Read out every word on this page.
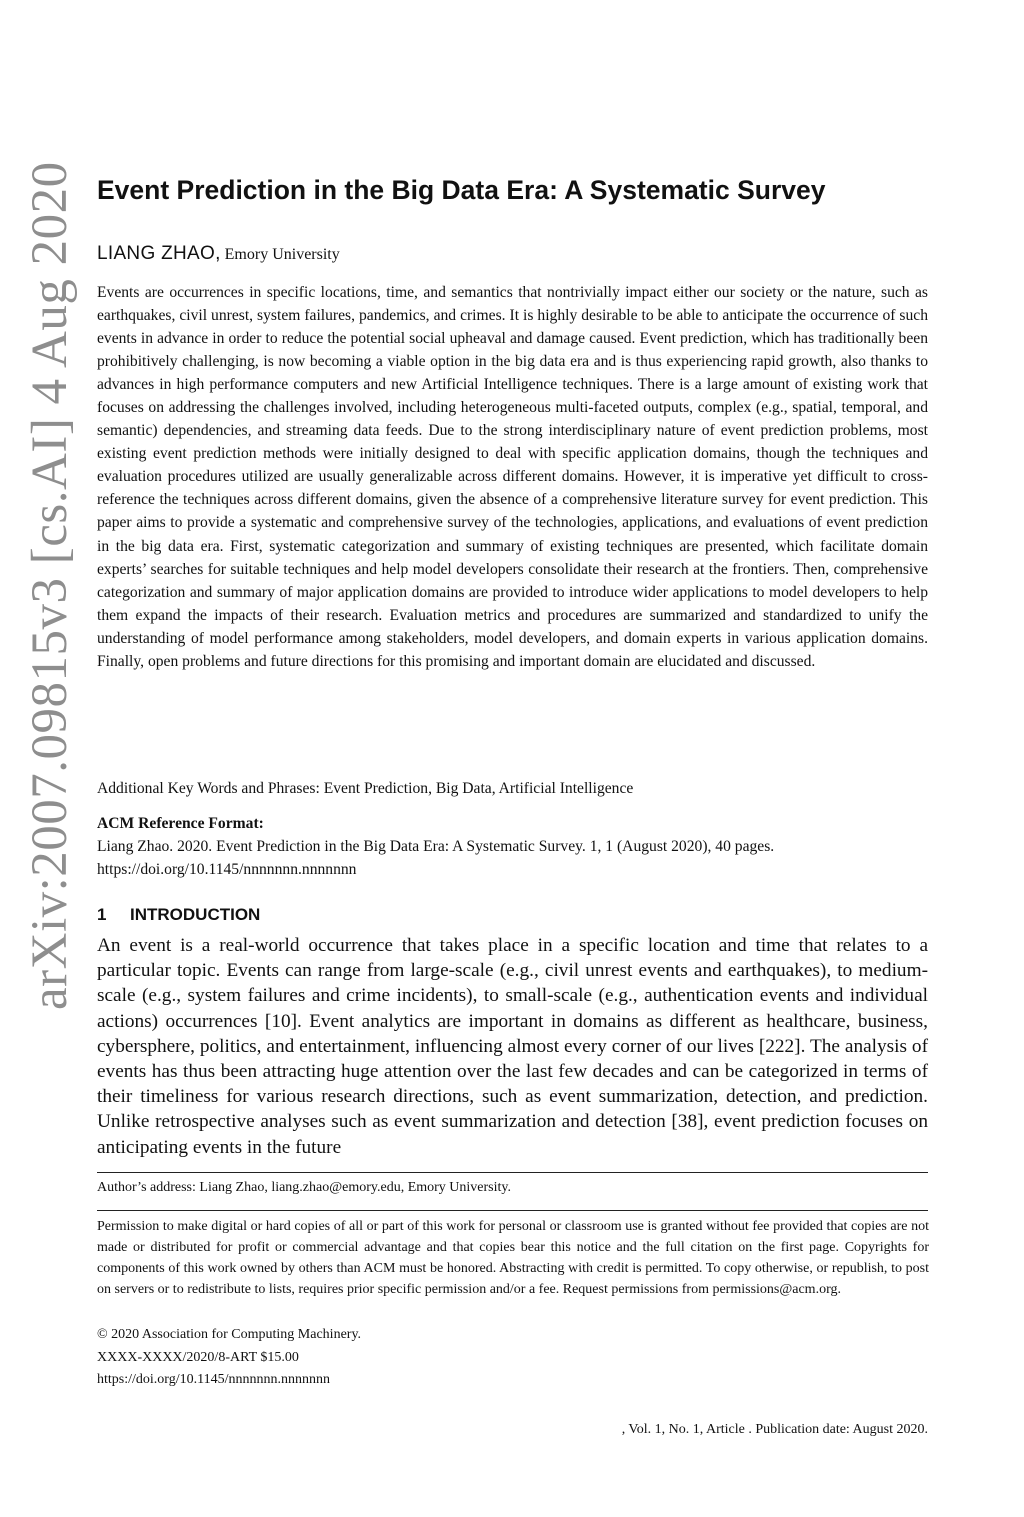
arXiv:2007.09815v3 [cs.AI] 4 Aug 2020 Event Prediction in the Big Data Era: A Systematic Survey
LIANG ZHAO, Emory University

Events are occurrences in specific locations, time, and semantics that nontrivially impact either our society or the nature, such as earthquakes, civil unrest, system failures, pandemics, and crimes. It is highly desirable to be able to anticipate the occurrence of such events in advance in order to reduce the potential social upheaval and damage caused. Event prediction, which has traditionally been prohibitively challenging, is now becoming a viable option in the big data era and is thus experiencing rapid growth, also thanks to advances in high performance computers and new Artificial Intelligence techniques. There is a large amount of existing work that focuses on addressing the challenges involved, including heterogeneous multi-faceted outputs, complex (e.g., spatial, temporal, and semantic) dependencies, and streaming data feeds. Due to the strong interdisciplinary nature of event prediction problems, most existing event prediction methods were initially designed to deal with specific application domains, though the techniques and evaluation procedures utilized are usually generalizable across different domains. However, it is imperative yet difficult to cross-reference the techniques across different domains, given the absence of a comprehensive literature survey for event prediction. This paper aims to provide a systematic and comprehensive survey of the technologies, applications, and evaluations of event prediction in the big data era. First, systematic categorization and summary of existing techniques are presented, which facilitate domain experts’ searches for suitable techniques and help model developers consolidate their research at the frontiers. Then, comprehensive categorization and summary of major application domains are provided to introduce wider applications to model developers to help them expand the impacts of their research. Evaluation metrics and procedures are summarized and standardized to unify the understanding of model performance among stakeholders, model developers, and domain experts in various application domains. Finally, open problems and future directions for this promising and important domain are elucidated and discussed.

Additional Key Words and Phrases: Event Prediction, Big Data, Artificial Intelligence

ACM Reference Format:

Liang Zhao. 2020. Event Prediction in the Big Data Era: A Systematic Survey. 1, 1 (August 2020), 40 pages. https://doi.org/10.1145/nnnnnnn.nnnnnnn

1 INTRODUCTION

An event is a real-world occurrence that takes place in a specific location and time that relates to a particular topic. Events can range from large-scale (e.g., civil unrest events and earthquakes), to medium-scale (e.g., system failures and crime incidents), to small-scale (e.g., authentication events and individual actions) occurrences [10]. Event analytics are important in domains as different as healthcare, business, cybersphere, politics, and entertainment, influencing almost every corner of our lives [222]. The analysis of events has thus been attracting huge attention over the last few decades and can be categorized in terms of their timeliness for various research directions, such as event summarization, detection, and prediction. Unlike retrospective analyses such as event summarization and detection [38], event prediction focuses on anticipating events in the future

Author’s address: Liang Zhao, liang.zhao@emory.edu, Emory University.

Permission to make digital or hard copies of all or part of this work for personal or classroom use is granted without fee provided that copies are not made or distributed for profit or commercial advantage and that copies bear this notice and the full citation on the first page. Copyrights for components of this work owned by others than ACM must be honored. Abstracting with credit is permitted. To copy otherwise, or republish, to post on servers or to redistribute to lists, requires prior specific permission and/or a fee. Request permissions from permissions@acm.org.

© 2020 Association for Computing Machinery.

XXXX-XXXX/2020/8-ART $15.00

https://doi.org/10.1145/nnnnnnn.nnnnnnn

, Vol. 1, No. 1, Article . Publication date: August 2020.
